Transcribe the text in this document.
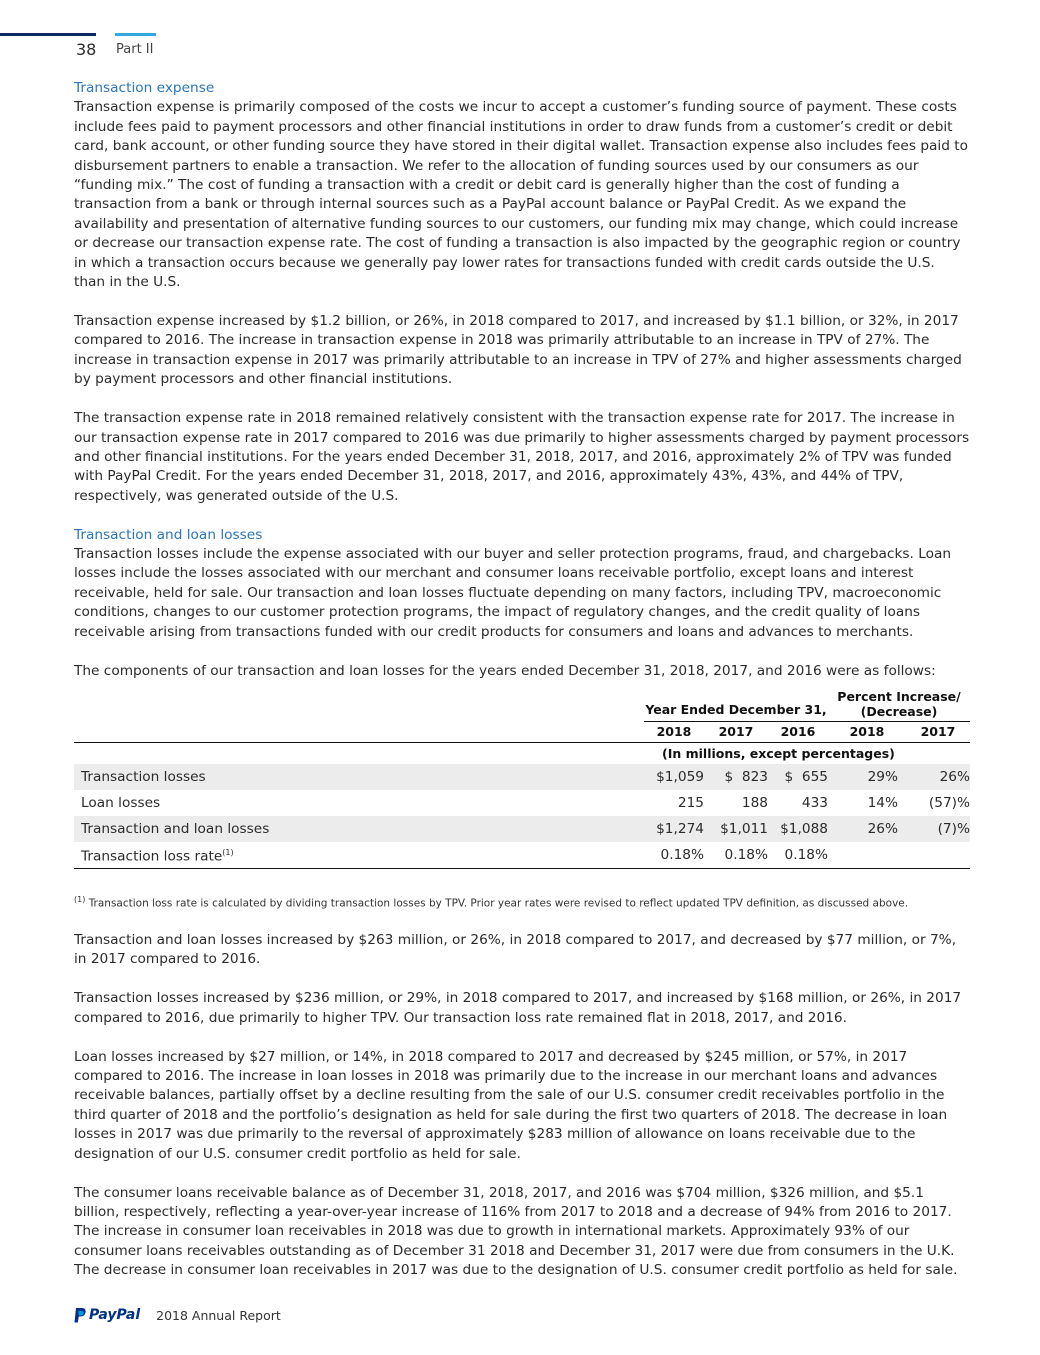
38 Part II

Transaction expense

Transaction expense is primarily composed of the costs we incur to accept a customer’s funding source of payment. These costs include fees paid to payment processors and other financial institutions in order to draw funds from a customer’s credit or debit card, bank account, or other funding source they have stored in their digital wallet. Transaction expense also includes fees paid to disbursement partners to enable a transaction. We refer to the allocation of funding sources used by our consumers as our “funding mix.” The cost of funding a transaction with a credit or debit card is generally higher than the cost of funding a transaction from a bank or through internal sources such as a PayPal account balance or PayPal Credit. As we expand the availability and presentation of alternative funding sources to our customers, our funding mix may change, which could increase or decrease our transaction expense rate. The cost of funding a transaction is also impacted by the geographic region or country in which a transaction occurs because we generally pay lower rates for transactions funded with credit cards outside the U.S. than in the U.S.

Transaction expense increased by $1.2 billion, or 26%, in 2018 compared to 2017, and increased by $1.1 billion, or 32%, in 2017 compared to 2016. The increase in transaction expense in 2018 was primarily attributable to an increase in TPV of 27%. The increase in transaction expense in 2017 was primarily attributable to an increase in TPV of 27% and higher assessments charged by payment processors and other financial institutions.

The transaction expense rate in 2018 remained relatively consistent with the transaction expense rate for 2017. The increase in our transaction expense rate in 2017 compared to 2016 was due primarily to higher assessments charged by payment processors and other financial institutions. For the years ended December 31, 2018, 2017, and 2016, approximately 2% of TPV was funded with PayPal Credit. For the years ended December 31, 2018, 2017, and 2016, approximately 43%, 43%, and 44% of TPV, respectively, was generated outside of the U.S.

Transaction and loan losses

Transaction losses include the expense associated with our buyer and seller protection programs, fraud, and chargebacks. Loan losses include the losses associated with our merchant and consumer loans receivable portfolio, except loans and interest receivable, held for sale. Our transaction and loan losses fluctuate depending on many factors, including TPV, macroeconomic conditions, changes to our customer protection programs, the impact of regulatory changes, and the credit quality of loans receivable arising from transactions funded with our credit products for consumers and loans and advances to merchants.

The components of our transaction and loan losses for the years ended December 31, 2018, 2017, and 2016 were as follows:

	Year Ended December 31,			Percent Increase/
(Decrease)	

	2018	2017	2016	2018	2017
	(In millions, except percentages)				
Transaction losses	$1,059	$  823	$  655	29%	26%
Loan losses	215	188	433	14%	(57)%
Transaction and loan losses	$1,274	$1,011	$1,088	26%	(7)%
Transaction loss rate$^{(1)}$	0.18%	0.18%	0.18%		

$^{(1)}$ Transaction loss rate is calculated by dividing transaction losses by TPV. Prior year rates were revised to reflect updated TPV definition, as discussed above.

Transaction and loan losses increased by $263 million, or 26%, in 2018 compared to 2017, and decreased by $77 million, or 7%, in 2017 compared to 2016.

Transaction losses increased by $236 million, or 29%, in 2018 compared to 2017, and increased by $168 million, or 26%, in 2017 compared to 2016, due primarily to higher TPV. Our transaction loss rate remained flat in 2018, 2017, and 2016.

Loan losses increased by $27 million, or 14%, in 2018 compared to 2017 and decreased by $245 million, or 57%, in 2017 compared to 2016. The increase in loan losses in 2018 was primarily due to the increase in our merchant loans and advances receivable balances, partially offset by a decline resulting from the sale of our U.S. consumer credit receivables portfolio in the third quarter of 2018 and the portfolio’s designation as held for sale during the first two quarters of 2018. The decrease in loan losses in 2017 was due primarily to the reversal of approximately $283 million of allowance on loans receivable due to the designation of our U.S. consumer credit portfolio as held for sale.

The consumer loans receivable balance as of December 31, 2018, 2017, and 2016 was $704 million, $326 million, and $5.1 billion, respectively, reflecting a year-over-year increase of 116% from 2017 to 2018 and a decrease of 94% from 2016 to 2017. The increase in consumer loan receivables in 2018 was due to growth in international markets. Approximately 93% of our consumer loans receivables outstanding as of December 31 2018 and December 31, 2017 were due from consumers in the U.K. The decrease in consumer loan receivables in 2017 was due to the designation of U.S. consumer credit portfolio as held for sale.

PayPal 2018 Annual Report
